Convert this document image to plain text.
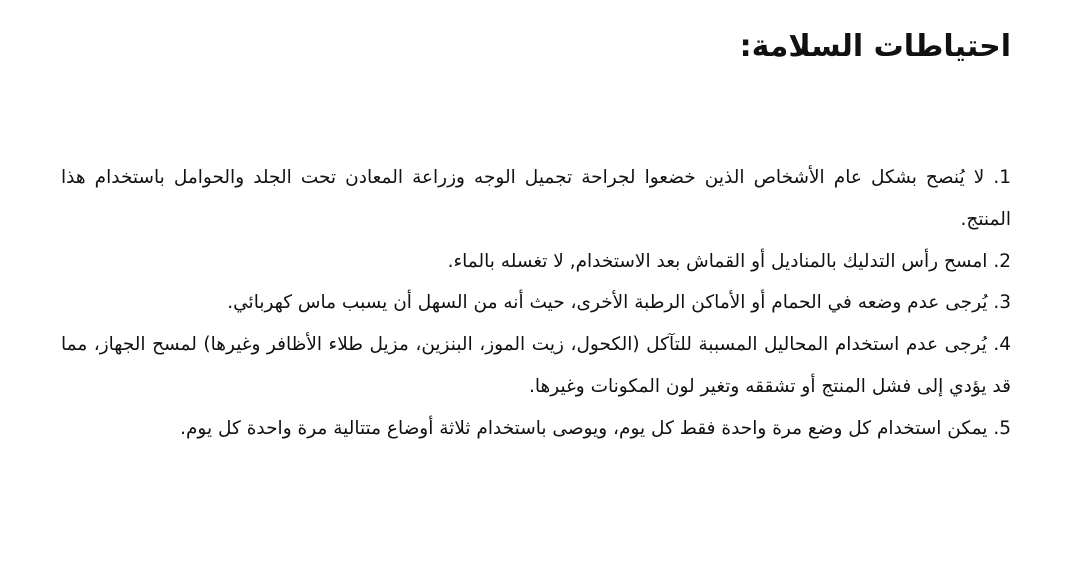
احتياطات السلامة:

1. لا يُنصح بشكل عام الأشخاص الذين خضعوا لجراحة تجميل الوجه وزراعة المعادن تحت الجلد والحوامل باستخدام هذا المنتج.

2. امسح رأس التدليك بالمناديل أو القماش بعد الاستخدام, لا تغسله بالماء.

3. يُرجى عدم وضعه في الحمام أو الأماكن الرطبة الأخرى، حيث أنه من السهل أن يسبب ماس كهربائي.

4. يُرجى عدم استخدام المحاليل المسببة للتآكل (الكحول، زيت الموز، البنزين، مزيل طلاء الأظافر وغيرها) لمسح الجهاز، مما قد يؤدي إلى فشل المنتج أو تشققه وتغير لون المكونات وغيرها.

5. يمكن استخدام كل وضع مرة واحدة فقط كل يوم، ويوصى باستخدام ثلاثة أوضاع متتالية مرة واحدة كل يوم.
